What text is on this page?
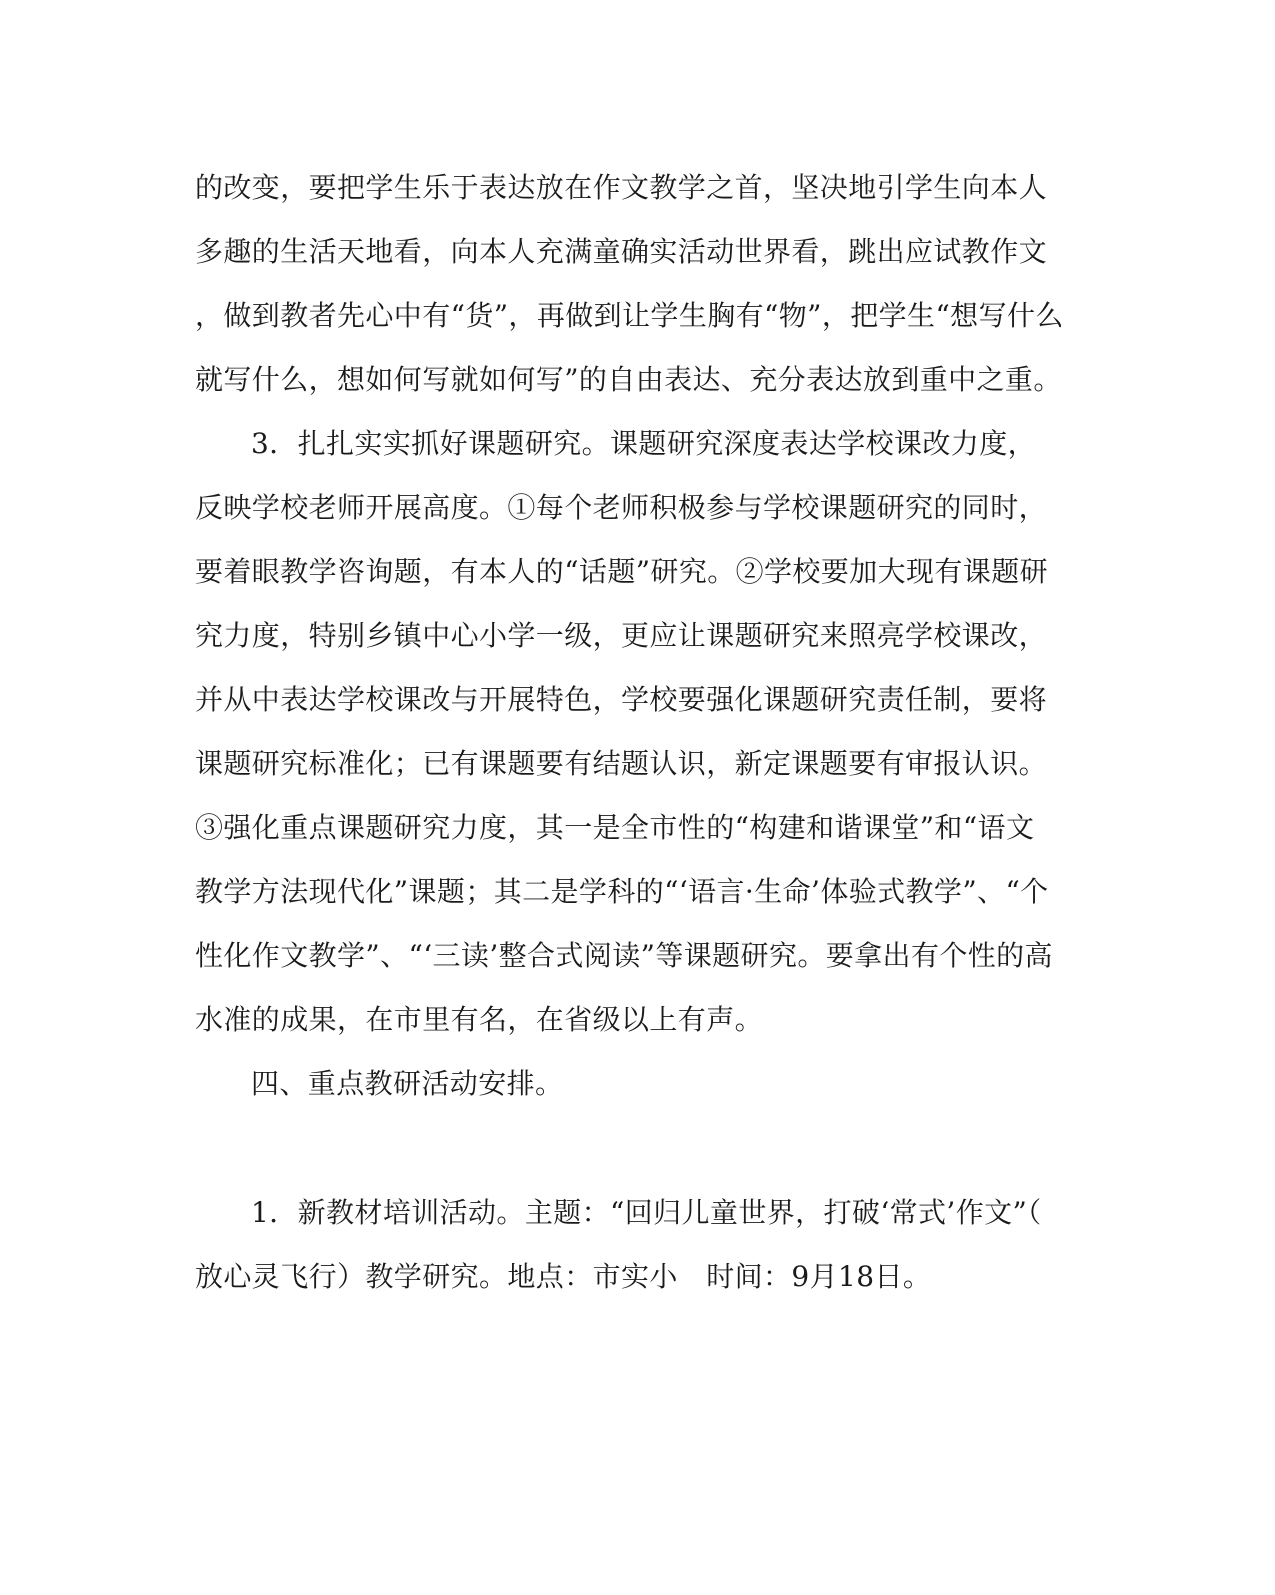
的改变，要把学生乐于表达放在作文教学之首，坚决地引学生向本人
多趣的生活天地看，向本人充满童确实活动世界看，跳出应试教作文
，做到教者先心中有“货”，再做到让学生胸有“物”，把学生“想写什么
就写什么，想如何写就如何写”的自由表达、充分表达放到重中之重。
3．扎扎实实抓好课题研究。课题研究深度表达学校课改力度，
反映学校老师开展高度。①每个老师积极参与学校课题研究的同时，
要着眼教学咨询题，有本人的“话题”研究。②学校要加大现有课题研
究力度，特别乡镇中心小学一级，更应让课题研究来照亮学校课改，
并从中表达学校课改与开展特色，学校要强化课题研究责任制，要将
课题研究标准化；已有课题要有结题认识，新定课题要有审报认识。
③强化重点课题研究力度，其一是全市性的“构建和谐课堂”和“语文
教学方法现代化”课题；其二是学科的“‘语言·生命’体验式教学”、“个
性化作文教学”、“‘三读’整合式阅读”等课题研究。要拿出有个性的高
水准的成果，在市里有名，在省级以上有声。
四、重点教研活动安排。
1．新教材培训活动。主题：“回归儿童世界，打破‘常式’作文”（
放心灵飞行）教学研究。地点：市实小　时间：9月18日。
